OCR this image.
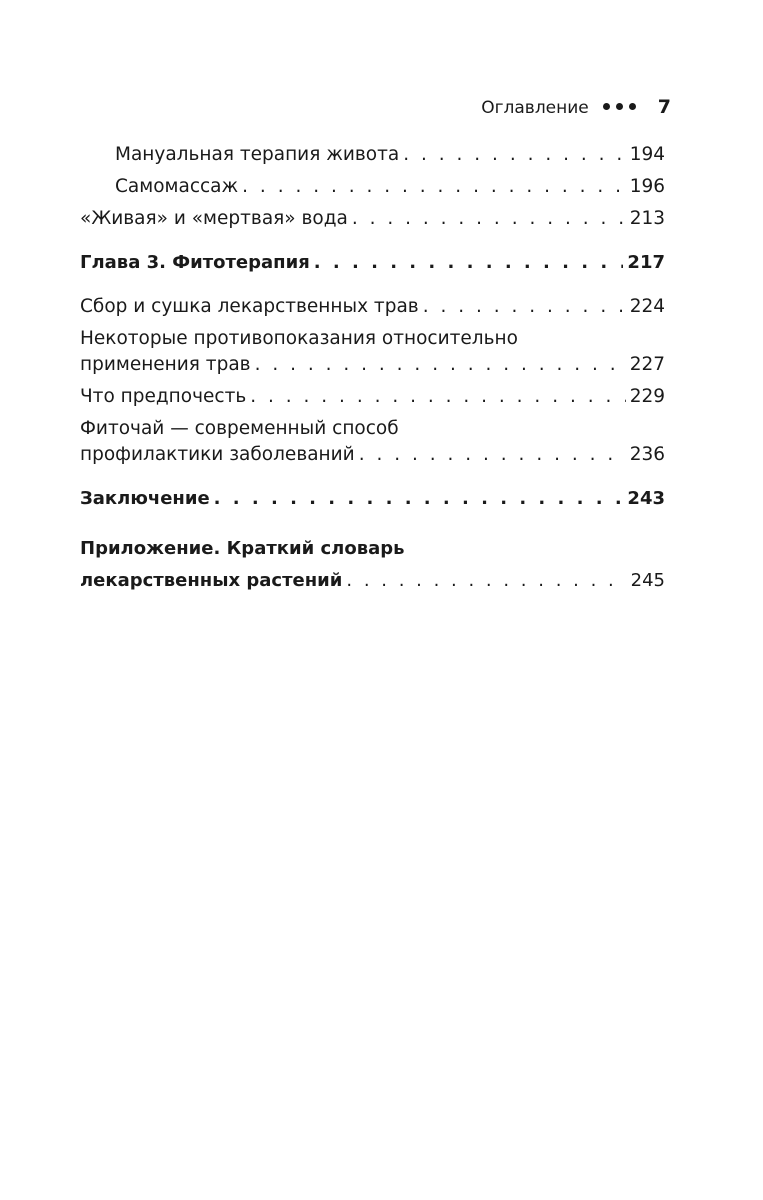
Оглавление	7
Мануальная терапия живота . . .	194
Самомассаж . . .	196
«Живая» и «мертвая» вода . . .	213
Глава 3. Фитотерапия . . .	217
Сбор и сушка лекарственных трав . . .	224
Некоторые противопоказания относительно
применения трав . . .	227
Что предпочесть . . .	229
Фиточай — современный способ
профилактики заболеваний . . .	236
Заключение . . .	243
Приложение. Краткий словарь
лекарственных растений . . .	245
